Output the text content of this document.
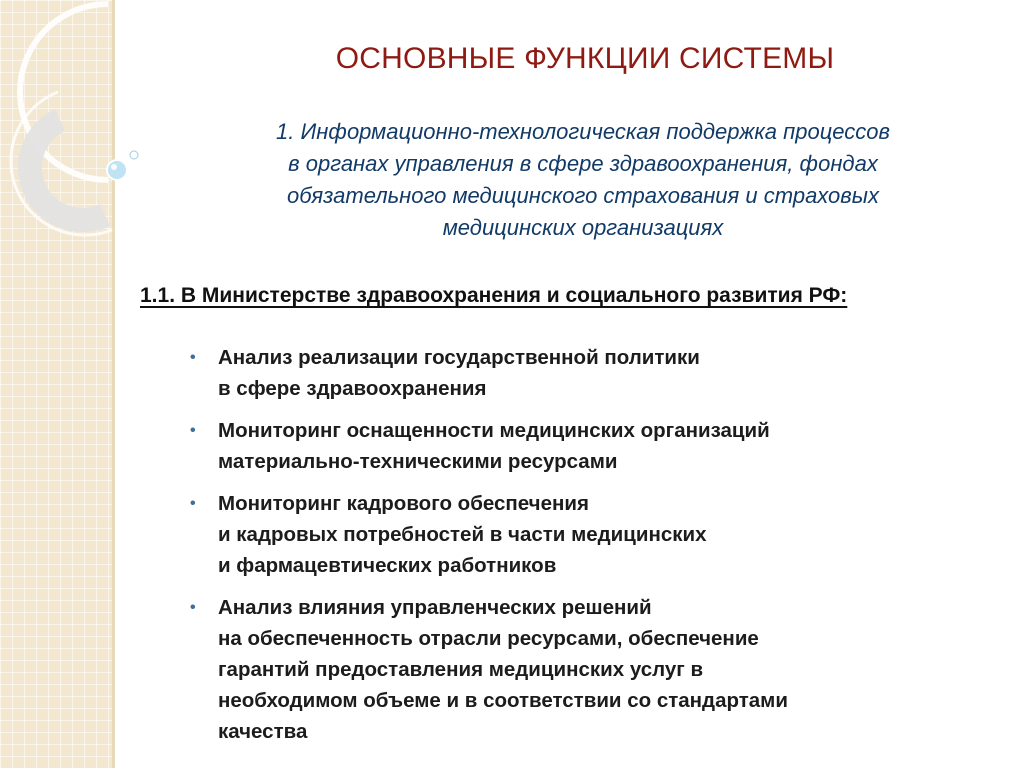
ОСНОВНЫЕ ФУНКЦИИ СИСТЕМЫ

1. Информационно-технологическая поддержка процессов
в органах управления в сфере здравоохранения, фондах
обязательного медицинского страхования и страховых
медицинских организациях

1.1. В Министерстве здравоохранения и социального развития РФ:
• Анализ реализации государственной политики
в сфере здравоохранения
• Мониторинг оснащенности медицинских организаций
материально-техническими ресурсами
• Мониторинг кадрового обеспечения
и кадровых потребностей в части медицинских
и фармацевтических работников
• Анализ влияния управленческих решений
на обеспеченность отрасли ресурсами, обеспечение
гарантий предоставления медицинских услуг в
необходимом объеме и в соответствии со стандартами
качества
